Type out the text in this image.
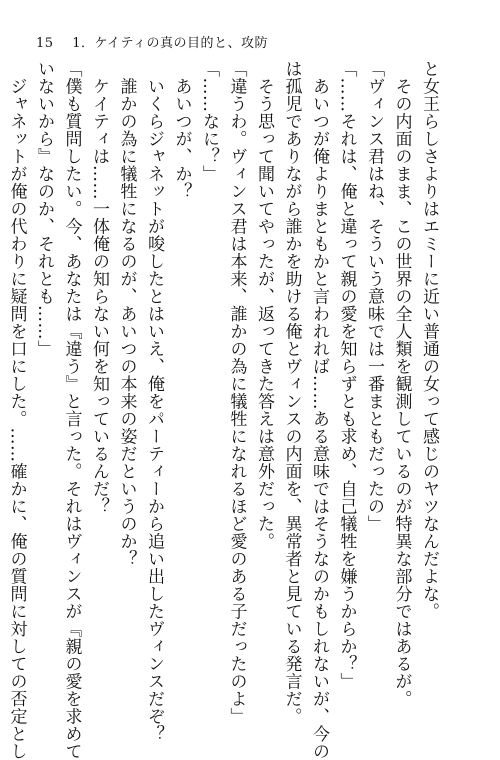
15 1．ケイティの真の目的と、攻防

と女王らしさよりはエミーに近い普通の女って感じのヤツなんだよな。

　その内面のまま、この世界の全人類を観測しているのが特異な部分ではあるが。

「ヴィンス君はね、そういう意味では一番まともだったの」

「……それは、俺と違って親の愛を知らずとも求め、自己犠牲を嫌うからか？」

　あいつが俺よりまともかと言われれば……ある意味ではそうなのかもしれないが、今の

は孤児でありながら誰かを助ける俺とヴィンスの内面を、異常者と見ている発言だ。

　そう思って聞いてやったが、返ってきた答えは意外だった。

「違うわ。ヴィンス君は本来、誰かの為に犠牲になれるほど愛のある子だったのよ」

「……なに？」

　あいつが、か？

　いくらジャネットが唆したとはいえ、俺をパーティーから追い出したヴィンスだぞ？

　誰かの為に犠牲になるのが、あいつの本来の姿だというのか？

　ケイティは……一体俺の知らない何を知っているんだ？

「僕も質問したい。今、あなたは『違う』と言った。それはヴィンスが『親の愛を求めて

いないから』なのか、それとも……」

　ジャネットが俺の代わりに疑問を口にした。……確かに、俺の質問に対しての否定とし
